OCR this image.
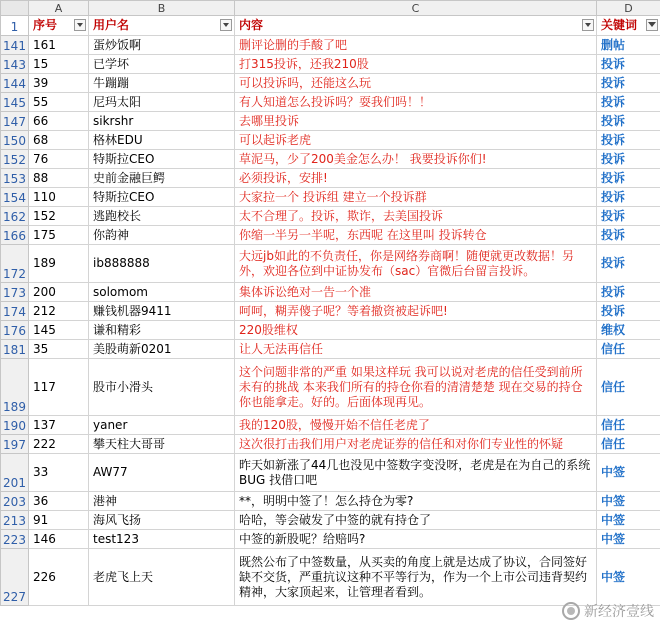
	A	B	C	D
1	序号	用户名	内容	关键词

141	161	蛋炒饭啊	删评论删的手酸了吧	删帖
143	15	已学坏	打315投诉，还我210股	投诉
144	39	牛蹦蹦	可以投诉吗，还能这么玩	投诉
145	55	尼玛太阳	有人知道怎么投诉吗？耍我们吗！！	投诉
147	66	sikrshr	去哪里投诉	投诉
150	68	格林EDU	可以起诉老虎	投诉
152	76	特斯拉CEO	草泥马，少了200美金怎么办！ 我要投诉你们!	投诉
153	88	史前金融巨鳄	必须投诉，安排!	投诉
154	110	特斯拉CEO	大家拉一个 投诉组 建立一个投诉群	投诉
162	152	逃跑校长	太不合理了。投诉，欺诈，去美国投诉	投诉
166	175	你韵神	你缩一半另一半呢，东西呢 在这里叫 投诉转仓	投诉
172	189	ib888888	大远jb如此的不负责任，你是网络券商啊！随便就更改数据！另外，欢迎各位到中证协发布（sac）官微后台留言投诉。	投诉
173	200	solomom	集体诉讼绝对一告一个准	投诉
174	212	赚钱机器9411	呵呵，糊弄傻子呢？等着撤资被起诉吧!	投诉
176	145	谦和精彩	220股维权	维权
181	35	美股萌新0201	让人无法再信任	信任
189	117	股市小滑头	这个问题非常的严重 如果这样玩 我可以说对老虎的信任受到前所未有的挑战 本来我们所有的持仓你看的清清楚楚 现在交易的持仓你也能拿走。好的。后面体现再见。	信任
190	137	yaner	我的120股，慢慢开始不信任老虎了	信任
197	222	攀天柱大哥哥	这次很打击我们用户对老虎证券的信任和对你们专业性的怀疑	信任
201	33	AW77	昨天如新涨了44几也没见中签数字变没呀，老虎是在为自己的系统BUG 找借口吧	中签
203	36	港神	**，明明中签了！怎么持仓为零?	中签
213	91	海风飞扬	哈哈，等会破发了中签的就有持仓了	中签
223	146	test123	中签的新股呢？给赔吗?	中签
227	226	老虎飞上天	既然公布了中签数量，从买卖的角度上就是达成了协议，合同签好缺不交货，严重抗议这种不平等行为，作为一个上市公司违背契约精神，大家顶起来，让管理者看到。	中签
新经济壹线
